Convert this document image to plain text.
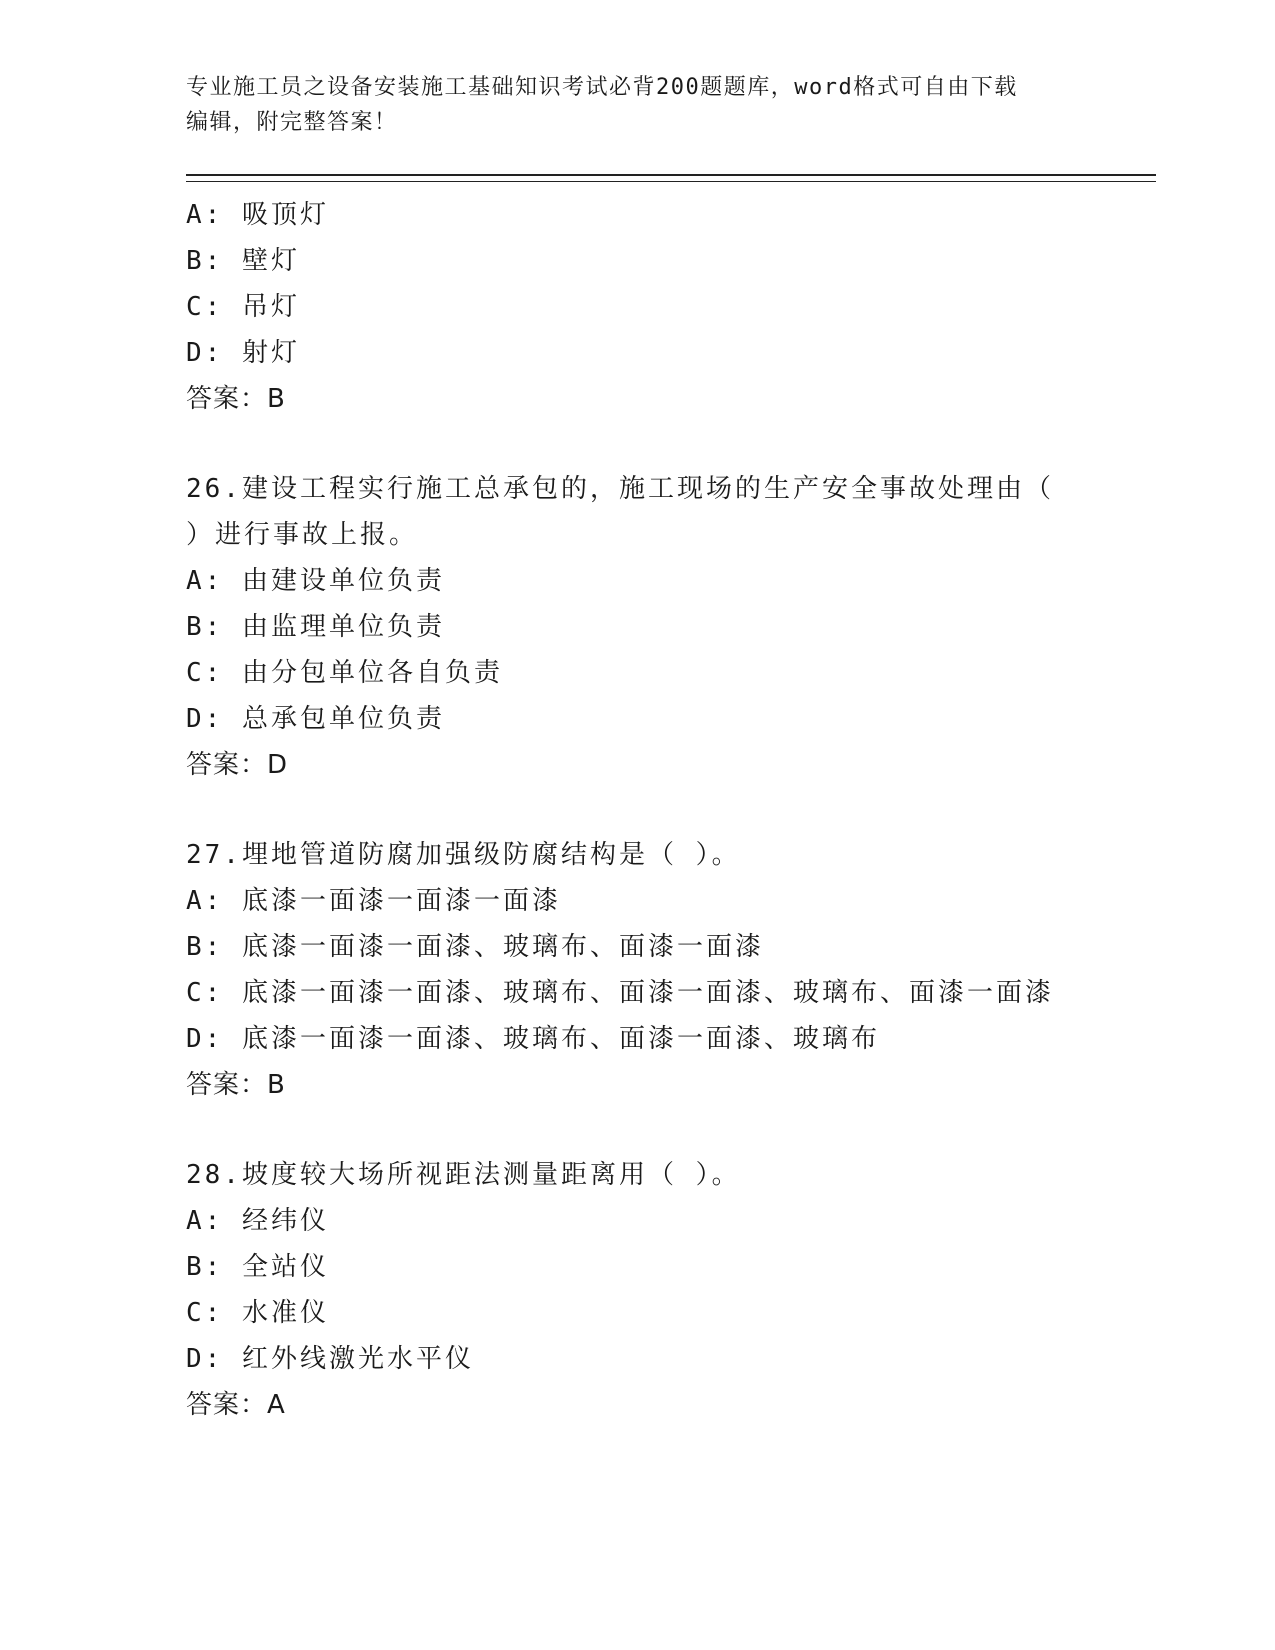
专业施工员之设备安装施工基础知识考试必背200题题库，word格式可自由下载
编辑，附完整答案！
A: 吸顶灯
B: 壁灯
C: 吊灯
D: 射灯
答案：B
26.建设工程实行施工总承包的，施工现场的生产安全事故处理由（
）进行事故上报。
A: 由建设单位负责
B: 由监理单位负责
C: 由分包单位各自负责
D: 总承包单位负责
答案：D
27.埋地管道防腐加强级防腐结构是（ ）。
A: 底漆一面漆一面漆一面漆
B: 底漆一面漆一面漆、玻璃布、面漆一面漆
C: 底漆一面漆一面漆、玻璃布、面漆一面漆、玻璃布、面漆一面漆
D: 底漆一面漆一面漆、玻璃布、面漆一面漆、玻璃布
答案：B
28.坡度较大场所视距法测量距离用（ ）。
A: 经纬仪
B: 全站仪
C: 水准仪
D: 红外线激光水平仪
答案：A
